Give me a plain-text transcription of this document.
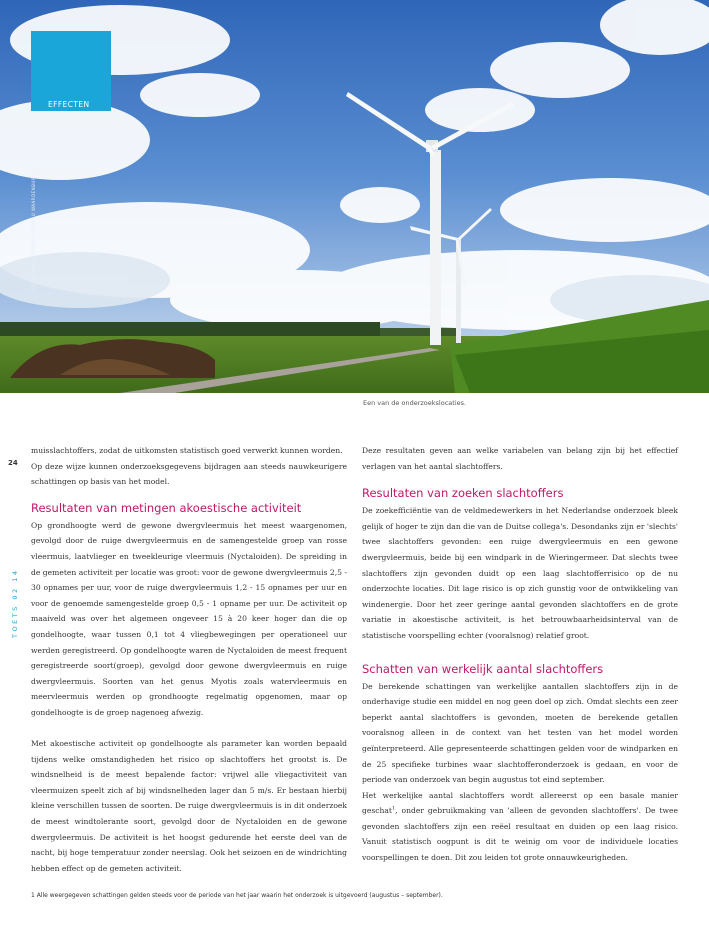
EFFECTEN
FOTO: DIRK ZUIDEMA / BUREAU WAARDENBURG
Een van de onderzoekslocaties.
24
TOETS 02 14

muisslachtoffers, zodat de uitkomsten statistisch goed verwerkt kunnen worden.

Op deze wijze kunnen onderzoeksgegevens bijdragen aan steeds nauwkeurigere schattingen op basis van het model.

Resultaten van metingen akoestische activiteit

Op grondhoogte werd de gewone dwergvleermuis het meest waargenomen, gevolgd door de ruige dwergvleermuis en de samengestelde groep van rosse vleermuis, laatvlieger en tweekleurige vleermuis (Nyctaloiden). De spreiding in de gemeten activiteit per locatie was groot: voor de gewone dwergvleermuis 2,5 - 30 opnames per uur, voor de ruige dwergvleermuis 1,2 - 15 opnames per uur en voor de genoemde samengestelde groep 0,5 - 1 opname per uur. De activiteit op maaiveld was over het algemeen ongeveer 15 à 20 keer hoger dan die op gondelhoogte, waar tussen 0,1 tot 4 vliegbewegingen per operationeel uur werden geregistreerd. Op gondelhoogte waren de Nyctaloiden de meest frequent geregistreerde soort(groep), gevolgd door gewone dwergvleermuis en ruige dwergvleermuis. Soorten van het genus Myotis zoals watervleermuis en meervleermuis werden op grondhoogte regelmatig opgenomen, maar op gondelhoogte is de groep nagenoeg afwezig.

Met akoestische activiteit op gondelhoogte als parameter kan worden bepaald tijdens welke omstandigheden het risico op slachtoffers het grootst is. De windsnelheid is de meest bepalende factor: vrijwel alle vliegactiviteit van vleermuizen speelt zich af bij windsnelheden lager dan 5 m/s. Er bestaan hierbij kleine verschillen tussen de soorten. De ruige dwergvleermuis is in dit onderzoek de meest windtolerante soort, gevolgd door de Nyctaloiden en de gewone dwergvleermuis. De activiteit is het hoogst gedurende het eerste deel van de nacht, bij hoge temperatuur zonder neerslag. Ook het seizoen en de windrichting hebben effect op de gemeten activiteit.

Deze resultaten geven aan welke variabelen van belang zijn bij het effectief verlagen van het aantal slachtoffers.

Resultaten van zoeken slachtoffers

De zoekefficiëntie van de veldmedewerkers in het Nederlandse onderzoek bleek gelijk of hoger te zijn dan die van de Duitse collega's. Desondanks zijn er 'slechts' twee slachtoffers gevonden: een ruige dwergvleermuis en een gewone dwergvleermuis, beide bij een windpark in de Wieringermeer. Dat slechts twee slachtoffers zijn gevonden duidt op een laag slachtofferrisico op de nu onderzochte locaties. Dit lage risico is op zich gunstig voor de ontwikkeling van windenergie. Door het zeer geringe aantal gevonden slachtoffers en de grote variatie in akoestische activiteit, is het betrouwbaarheidsinterval van de statistische voorspelling echter (vooralsnog) relatief groot.

Schatten van werkelijk aantal slachtoffers

De berekende schattingen van werkelijke aantallen slachtoffers zijn in de onderhavige studie een middel en nog geen doel op zich. Omdat slechts een zeer beperkt aantal slachtoffers is gevonden, moeten de berekende getallen vooralsnog alleen in de context van het testen van het model worden geïnterpreteerd. Alle gepresenteerde schattingen gelden voor de windparken en de 25 specifieke turbines waar slachtofferonderzoek is gedaan, en voor de periode van onderzoek van begin augustus tot eind september.

Het werkelijke aantal slachtoffers wordt allereerst op een basale manier geschat$^1$, onder gebruikmaking van 'alleen de gevonden slachtoffers'. De twee gevonden slachtoffers zijn een reëel resultaat en duiden op een laag risico. Vanuit statistisch oogpunt is dit te weinig om voor de individuele locaties voorspellingen te doen. Dit zou leiden tot grote onnauwkeurigheden.

1 Alle weergegeven schattingen gelden steeds voor de periode van het jaar waarin het onderzoek is uitgevoerd (augustus – september).
